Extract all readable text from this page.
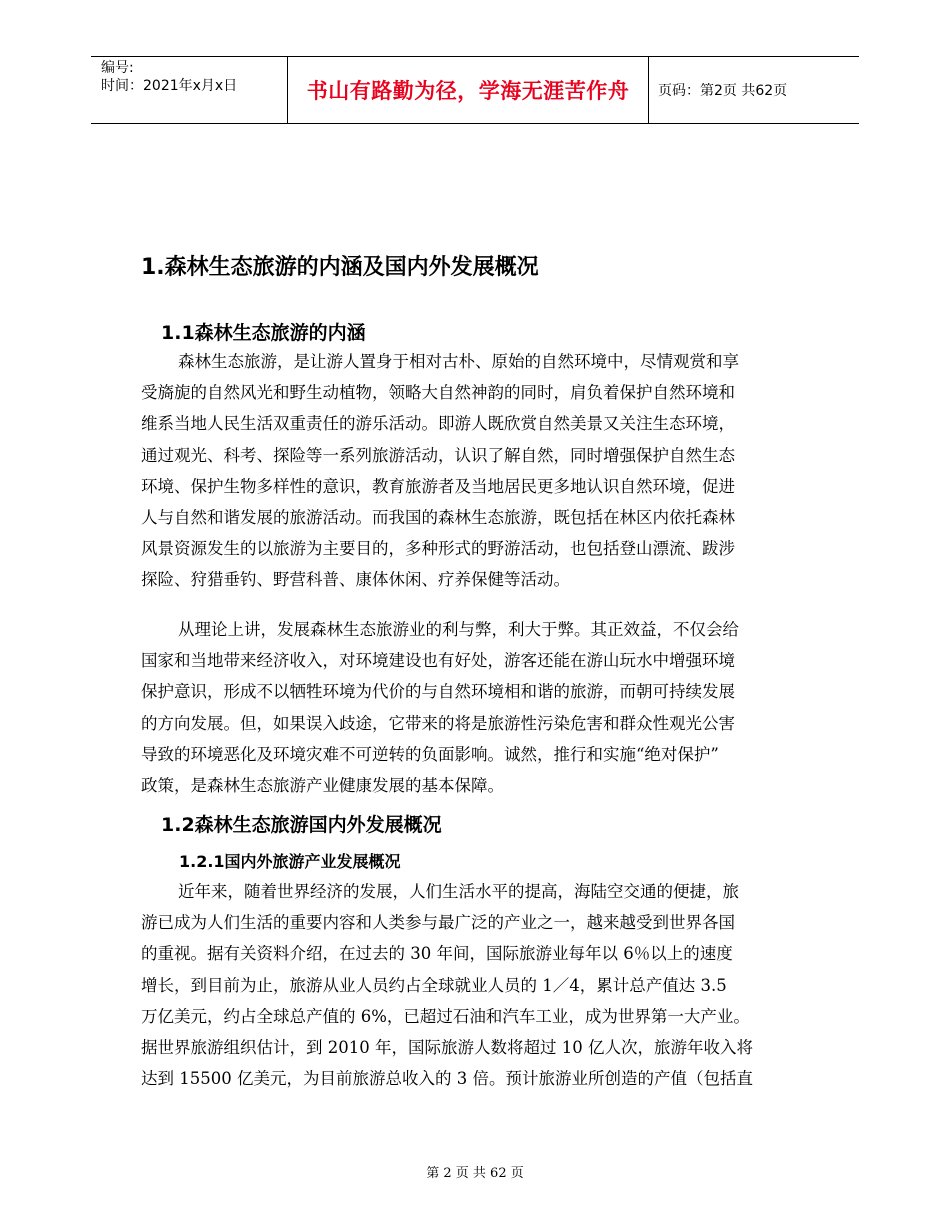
编号:
时间：2021年x月x日	书山有路勤为径，学海无涯苦作舟	页码：第2页 共62页
1.森林生态旅游的内涵及国内外发展概况
1.1森林生态旅游的内涵
森林生态旅游，是让游人置身于相对古朴、原始的自然环境中，尽情观赏和享
受旖旎的自然风光和野生动植物，领略大自然神韵的同时，肩负着保护自然环境和
维系当地人民生活双重责任的游乐活动。即游人既欣赏自然美景又关注生态环境，
通过观光、科考、探险等一系列旅游活动，认识了解自然，同时增强保护自然生态
环境、保护生物多样性的意识，教育旅游者及当地居民更多地认识自然环境，促进
人与自然和谐发展的旅游活动。而我国的森林生态旅游，既包括在林区内依托森林
风景资源发生的以旅游为主要目的，多种形式的野游活动，也包括登山漂流、跋涉
探险、狩猎垂钓、野营科普、康体休闲、疗养保健等活动。
从理论上讲，发展森林生态旅游业的利与弊，利大于弊。其正效益，不仅会给
国家和当地带来经济收入，对环境建设也有好处，游客还能在游山玩水中增强环境
保护意识，形成不以牺牲环境为代价的与自然环境相和谐的旅游，而朝可持续发展
的方向发展。但，如果误入歧途，它带来的将是旅游性污染危害和群众性观光公害
导致的环境恶化及环境灾难不可逆转的负面影响。诚然，推行和实施“绝对保护”
政策，是森林生态旅游产业健康发展的基本保障。
1.2森林生态旅游国内外发展概况
1.2.1国内外旅游产业发展概况
近年来，随着世界经济的发展，人们生活水平的提高，海陆空交通的便捷，旅
游已成为人们生活的重要内容和人类参与最广泛的产业之一，越来越受到世界各国
的重视。据有关资料介绍，在过去的 30 年间，国际旅游业每年以 6％以上的速度
增长，到目前为止，旅游从业人员约占全球就业人员的 1／4，累计总产值达 3.5
万亿美元，约占全球总产值的 6%，已超过石油和汽车工业，成为世界第一大产业。
据世界旅游组织估计，到 2010 年，国际旅游人数将超过 10 亿人次，旅游年收入将
达到 15500 亿美元，为目前旅游总收入的 3 倍。预计旅游业所创造的产值（包括直
第 2 页 共 62 页
